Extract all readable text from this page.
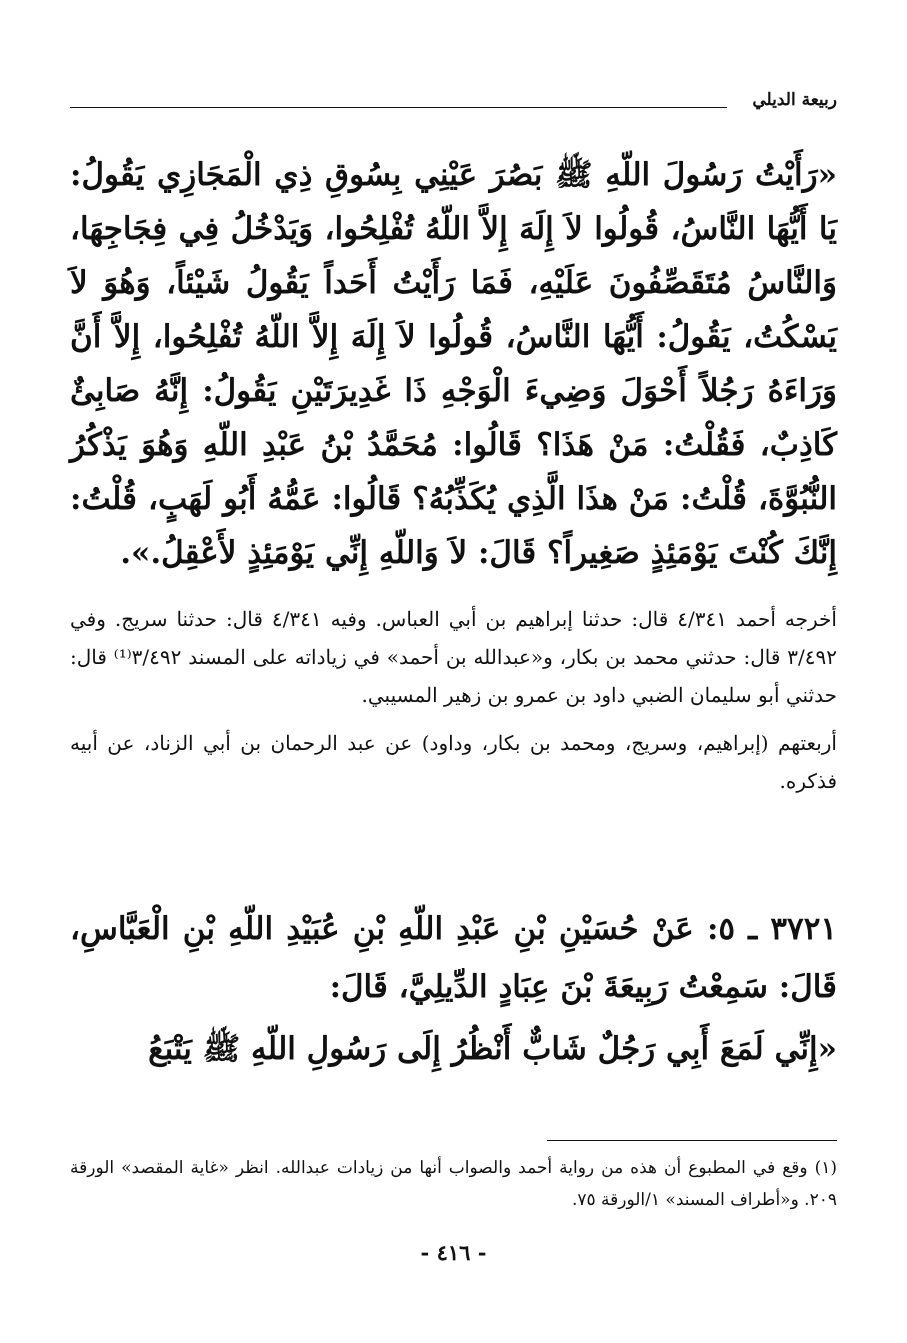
ربيعة الديلي

«رَأَيْتُ رَسُولَ اللّهِ ﷺ بَصُرَ عَيْنِي بِسُوقِ ذِي الْمَجَازِي يَقُولُ: يَا أَيُّهَا النَّاسُ، قُولُوا لاَ إِلَهَ إِلاَّ اللّهُ تُفْلِحُوا، وَيَدْخُلُ فِي فِجَاجِهَا، وَالنَّاسُ مُتَقَصِّفُونَ عَلَيْهِ، فَمَا رَأَيْتُ أَحَداً يَقُولُ شَيْئاً، وَهُوَ لاَ يَسْكُتُ، يَقُولُ: أَيُّهَا النَّاسُ، قُولُوا لاَ إِلَهَ إِلاَّ اللّهُ تُفْلِحُوا، إِلاَّ أَنَّ وَرَاءَهُ رَجُلاً أَحْوَلَ وَضِيءَ الْوَجْهِ ذَا غَدِيرَتَيْنِ يَقُولُ: إِنَّهُ صَابِئٌ كَاذِبٌ، فَقُلْتُ: مَنْ هَذَا؟ قَالُوا: مُحَمَّدُ بْنُ عَبْدِ اللّهِ وَهُوَ يَذْكُرُ النُّبُوَّةَ، قُلْتُ: مَنْ هذَا الَّذِي يُكَذِّبُهُ؟ قَالُوا: عَمُّهُ أَبُو لَهَبٍ، قُلْتُ: إِنَّكَ كُنْتَ يَوْمَئِذٍ صَغِيراً؟ قَالَ: لاَ وَاللّهِ إِنِّي يَوْمَئِذٍ لأَعْقِلُ.».

أخرجه أحمد ٤/٣٤١ قال: حدثنا إبراهيم بن أبي العباس. وفيه ٤/٣٤١ قال: حدثنا سريج. وفي ٣/٤٩٢ قال: حدثني محمد بن بكار، و«عبدالله بن أحمد» في زياداته على المسند ٣/٤٩٢⁽¹⁾ قال: حدثني أبو سليمان الضبي داود بن عمرو بن زهير المسيبي.

أربعتهم (إبراهيم، وسريج، ومحمد بن بكار، وداود) عن عبد الرحمان بن أبي الزناد، عن أبيه فذكره.

٣٧٢١ ـ ٥: عَنْ حُسَيْنِ بْنِ عَبْدِ اللّهِ بْنِ عُبَيْدِ اللّهِ بْنِ الْعَبَّاسِ، قَالَ: سَمِعْتُ رَبِيعَةَ بْنَ عِبَادٍ الدِّيلِيَّ، قَالَ:

«إِنِّي لَمَعَ أَبِي رَجُلٌ شَابٌّ أَنْظُرُ إِلَى رَسُولِ اللّهِ ﷺ يَتْبَعُ

(١) وقع في المطبوع أن هذه من رواية أحمد والصواب أنها من زيادات عبدالله. انظر «غاية المقصد» الورقة ٢٠٩. و«أطراف المسند» ١/الورقة ٧٥.

- ٤١٦ -
